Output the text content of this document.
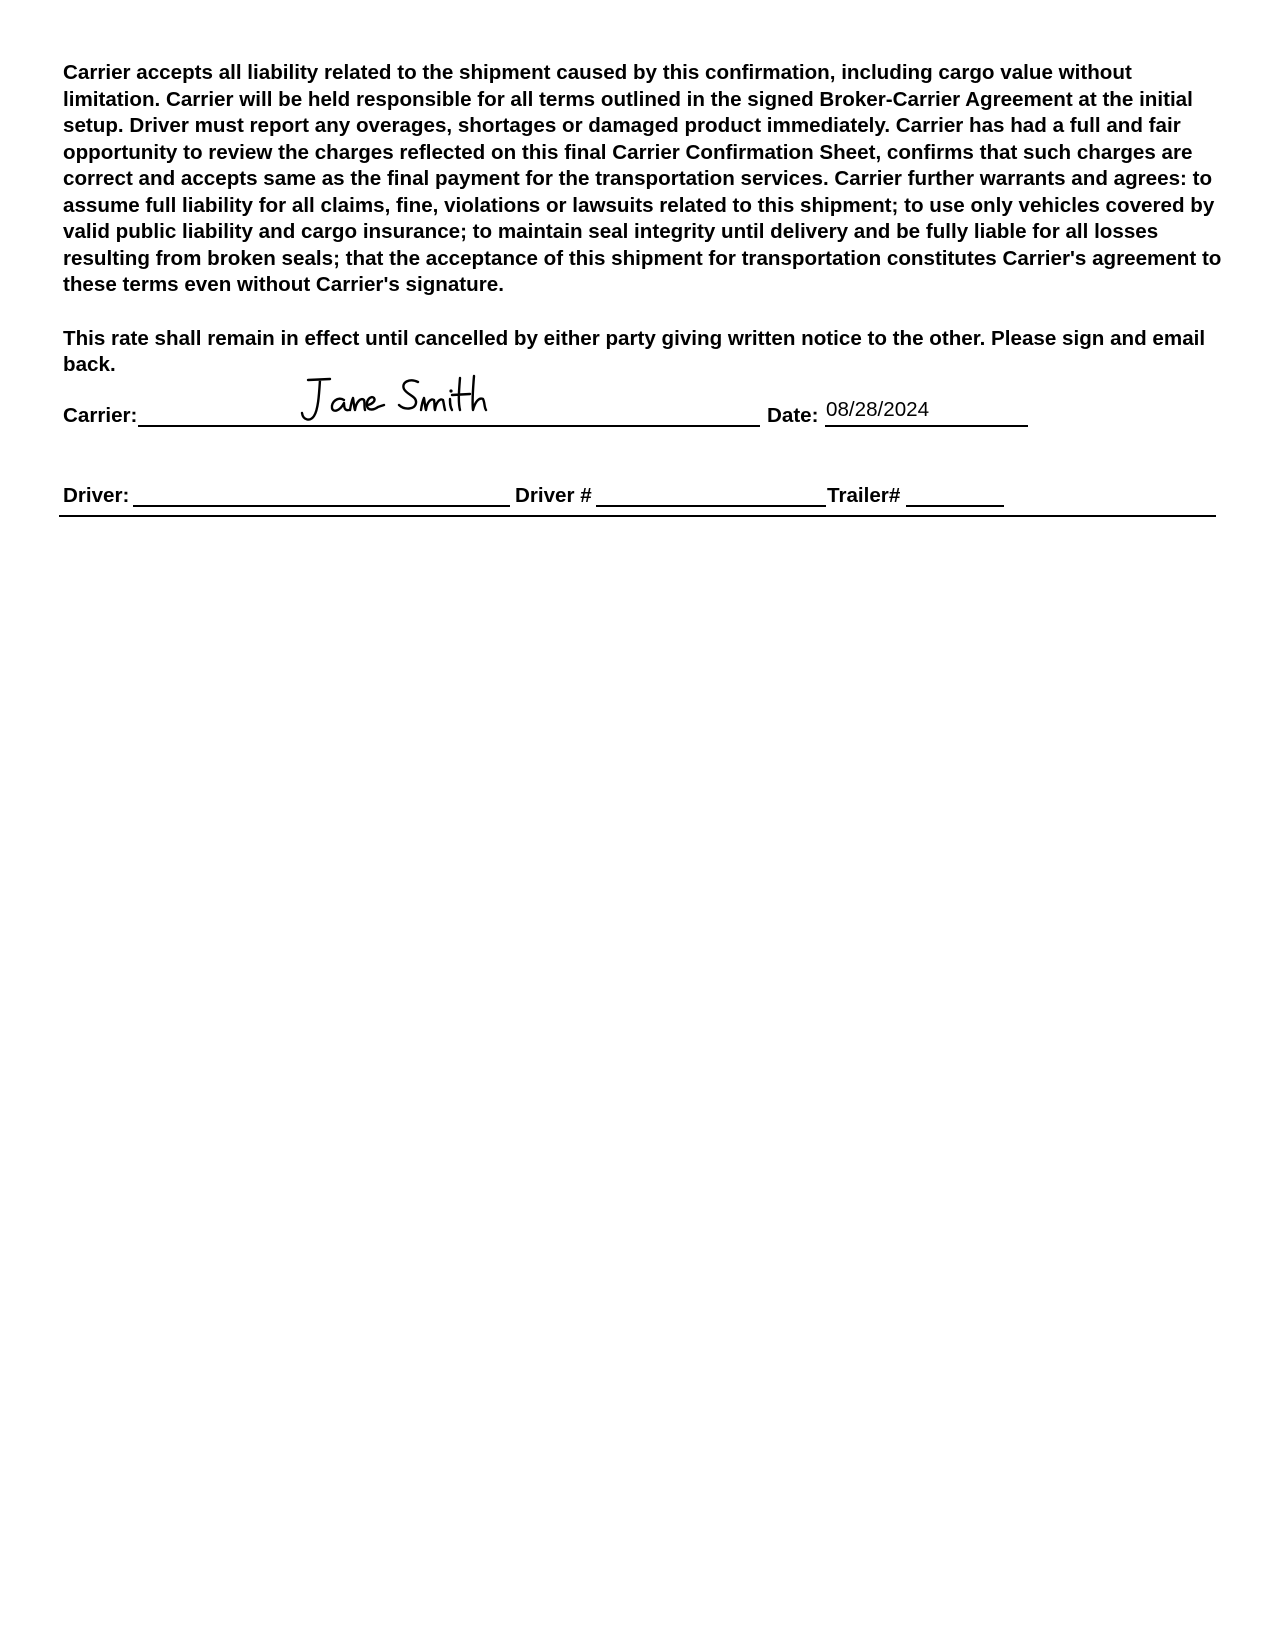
Carrier accepts all liability related to the shipment caused by this confirmation, including cargo value without limitation. Carrier will be held responsible for all terms outlined in the signed Broker-Carrier Agreement at the initial setup. Driver must report any overages, shortages or damaged product immediately. Carrier has had a full and fair opportunity to review the charges reflected on this final Carrier Confirmation Sheet, confirms that such charges are correct and accepts same as the final payment for the transportation services. Carrier further warrants and agrees: to assume full liability for all claims, fine, violations or lawsuits related to this shipment; to use only vehicles covered by valid public liability and cargo insurance; to maintain seal integrity until delivery and be fully liable for all losses resulting from broken seals; that the acceptance of this shipment for transportation constitutes Carrier's agreement to these terms even without Carrier's signature.

This rate shall remain in effect until cancelled by either party giving written notice to the other. Please sign and email back.

Carrier:	Date: 08/28/2024
Driver:	Driver #	Trailer#
